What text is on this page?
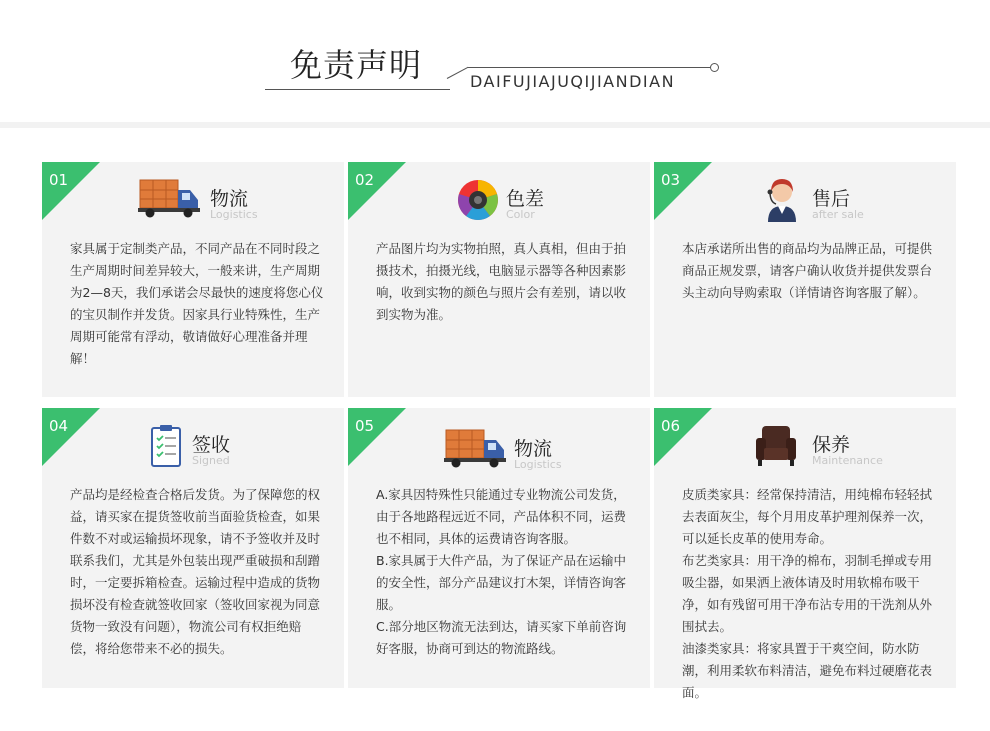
免责声明	DAIFUJIAJUQIJIANDIAN
01
物流
Logistics

家具属于定制类产品，不同产品在不同时段之生产周期时间差异较大，一般来讲，生产周期为2—8天，我们承诺会尽最快的速度将您心仪的宝贝制作并发货。因家具行业特殊性，生产周期可能常有浮动，敬请做好心理准备并理解！

02
色差
Color

产品图片均为实物拍照，真人真相，但由于拍摄技术，拍摄光线，电脑显示器等各种因素影响，收到实物的颜色与照片会有差别，请以收到实物为准。

03
售后
after sale

本店承诺所出售的商品均为品牌正品，可提供商品正规发票，请客户确认收货并提供发票台头主动向导购索取（详情请咨询客服了解）。

04
签收
Signed

产品均是经检查合格后发货。为了保障您的权益，请买家在提货签收前当面验货检查，如果件数不对或运输损坏现象，请不予签收并及时联系我们，尤其是外包装出现严重破损和刮蹭时，一定要拆箱检查。运输过程中造成的货物损坏没有检查就签收回家（签收回家视为同意货物一致没有问题），物流公司有权拒绝赔偿，将给您带来不必的损失。

05
物流
Logistics

A.家具因特殊性只能通过专业物流公司发货，由于各地路程远近不同，产品体积不同，运费也不相同，具体的运费请咨询客服。

B.家具属于大件产品，为了保证产品在运输中的安全性，部分产品建议打木架，详情咨询客服。

C.部分地区物流无法到达，请买家下单前咨询好客服，协商可到达的物流路线。

06
保养
Maintenance

皮质类家具：经常保持清洁，用纯棉布轻轻拭去表面灰尘，每个月用皮革护理剂保养一次，可以延长皮革的使用寿命。

布艺类家具：用干净的棉布，羽制毛掸或专用吸尘器，如果洒上液体请及时用软棉布吸干净，如有残留可用干净布沾专用的干洗剂从外围拭去。

油漆类家具：将家具置于干爽空间，防水防潮，利用柔软布料清洁，避免布料过硬磨花表面。
